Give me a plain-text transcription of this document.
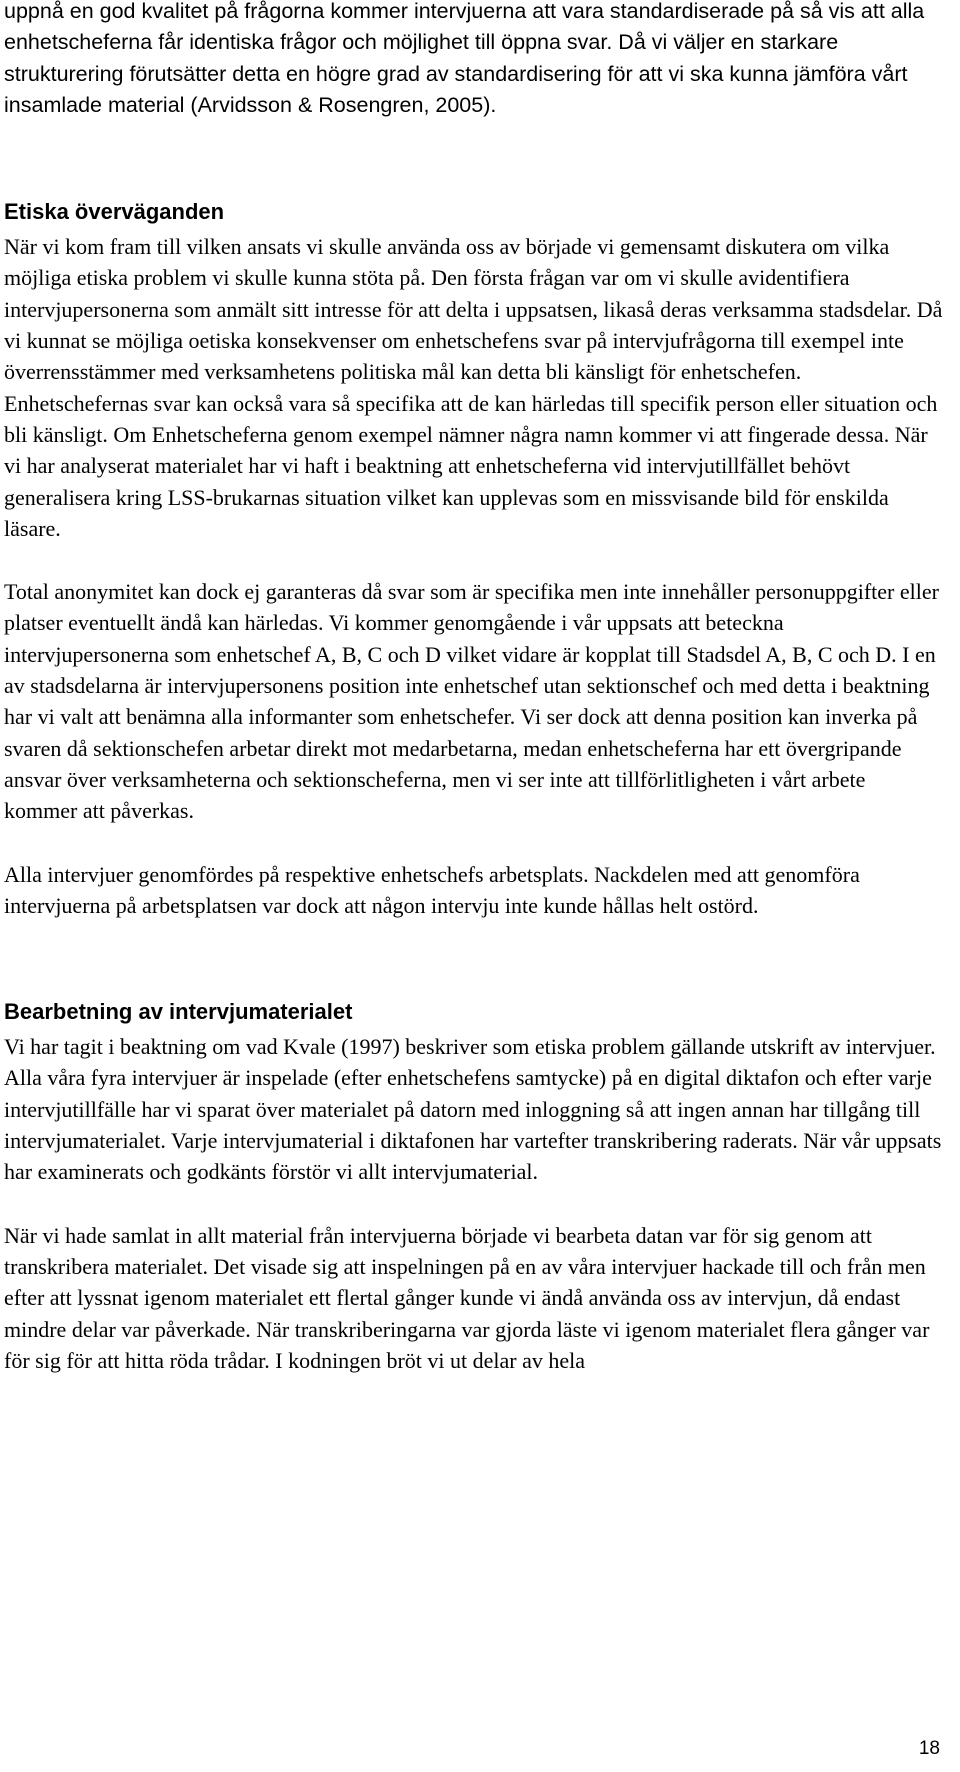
uppnå en god kvalitet på frågorna kommer intervjuerna att vara standardiserade på så vis att alla enhetscheferna får identiska frågor och möjlighet till öppna svar. Då vi väljer en starkare strukturering förutsätter detta en högre grad av standardisering för att vi ska kunna jämföra vårt insamlade material (Arvidsson & Rosengren, 2005).

Etiska överväganden

När vi kom fram till vilken ansats vi skulle använda oss av började vi gemensamt diskutera om vilka möjliga etiska problem vi skulle kunna stöta på. Den första frågan var om vi skulle avidentifiera intervjupersonerna som anmält sitt intresse för att delta i uppsatsen, likaså deras verksamma stadsdelar. Då vi kunnat se möjliga oetiska konsekvenser om enhetschefens svar på intervjufrågorna till exempel inte överrensstämmer med verksamhetens politiska mål kan detta bli känsligt för enhetschefen. Enhetschefernas svar kan också vara så specifika att de kan härledas till specifik person eller situation och bli känsligt. Om Enhetscheferna genom exempel nämner några namn kommer vi att fingerade dessa. När vi har analyserat materialet har vi haft i beaktning att enhetscheferna vid intervjutillfället behövt generalisera kring LSS-brukarnas situation vilket kan upplevas som en missvisande bild för enskilda läsare.

Total anonymitet kan dock ej garanteras då svar som är specifika men inte innehåller personuppgifter eller platser eventuellt ändå kan härledas. Vi kommer genomgående i vår uppsats att beteckna intervjupersonerna som enhetschef A, B, C och D vilket vidare är kopplat till Stadsdel A, B, C och D. I en av stadsdelarna är intervjupersonens position inte enhetschef utan sektionschef och med detta i beaktning har vi valt att benämna alla informanter som enhetschefer. Vi ser dock att denna position kan inverka på svaren då sektionschefen arbetar direkt mot medarbetarna, medan enhetscheferna har ett övergripande ansvar över verksamheterna och sektionscheferna, men vi ser inte att tillförlitligheten i vårt arbete kommer att påverkas.

Alla intervjuer genomfördes på respektive enhetschefs arbetsplats. Nackdelen med att genomföra intervjuerna på arbetsplatsen var dock att någon intervju inte kunde hållas helt ostörd.

Bearbetning av intervjumaterialet

Vi har tagit i beaktning om vad Kvale (1997) beskriver som etiska problem gällande utskrift av intervjuer. Alla våra fyra intervjuer är inspelade (efter enhetschefens samtycke) på en digital diktafon och efter varje intervjutillfälle har vi sparat över materialet på datorn med inloggning så att ingen annan har tillgång till intervjumaterialet. Varje intervjumaterial i diktafonen har vartefter transkribering raderats. När vår uppsats har examinerats och godkänts förstör vi allt intervjumaterial.

När vi hade samlat in allt material från intervjuerna började vi bearbeta datan var för sig genom att transkribera materialet. Det visade sig att inspelningen på en av våra intervjuer hackade till och från men efter att lyssnat igenom materialet ett flertal gånger kunde vi ändå använda oss av intervjun, då endast mindre delar var påverkade. När transkriberingarna var gjorda läste vi igenom materialet flera gånger var för sig för att hitta röda trådar. I kodningen bröt vi ut delar av hela

18
